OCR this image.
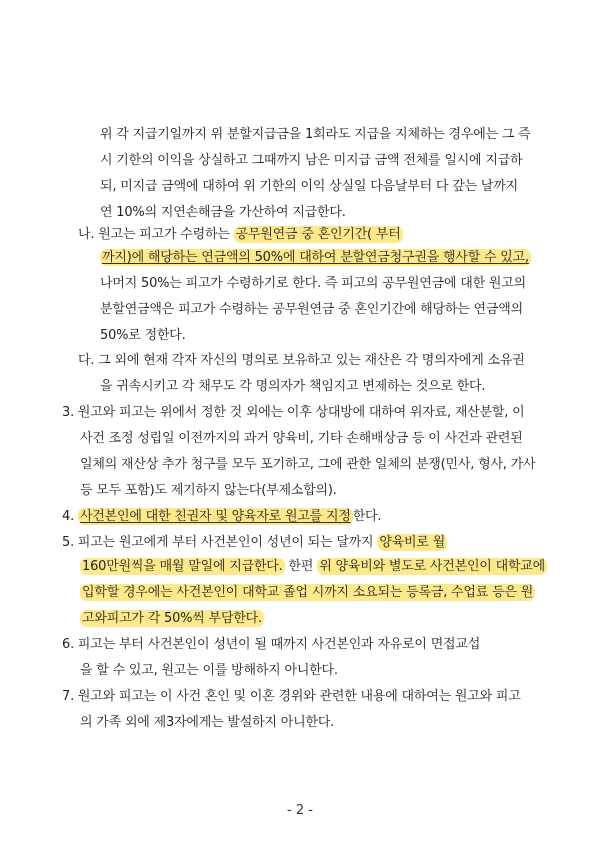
위 각 지급기일까지 위 분할지급금을 1회라도 지급을 지체하는 경우에는 그 즉
시 기한의 이익을 상실하고 그때까지 남은 미지급 금액 전체를 일시에 지급하
되, 미지급 금액에 대하여 위 기한의 이익 상실일 다음날부터 다 갚는 날까지
연 10%의 지연손해금을 가산하여 지급한다.
나. 원고는 피고가 수령하는 공무원연금 중 혼인기간( 부터
까지)에 해당하는 연금액의 50%에 대하여 분할연금청구권을 행사할 수 있고,
나머지 50%는 피고가 수령하기로 한다. 즉 피고의 공무원연금에 대한 원고의
분할연금액은 피고가 수령하는 공무원연금 중 혼인기간에 해당하는 연금액의
50%로 정한다.
다. 그 외에 현재 각자 자신의 명의로 보유하고 있는 재산은 각 명의자에게 소유권
을 귀속시키고 각 채무도 각 명의자가 책임지고 변제하는 것으로 한다.
3. 원고와 피고는 위에서 정한 것 외에는 이후 상대방에 대하여 위자료, 재산분할, 이
사건 조정 성립일 이전까지의 과거 양육비, 기타 손해배상금 등 이 사건과 관련된
일체의 재산상 추가 청구를 모두 포기하고, 그에 관한 일체의 분쟁(민사, 형사, 가사
등 모두 포함)도 제기하지 않는다(부제소합의).
4. 사건본인에 대한 친권자 및 양육자로 원고를 지정 한다.
5. 피고는 원고에게 부터 사건본인이 성년이 되는 달까지 양육비로 월
160만원씩을 매월 말일에 지급한다. 한편 위 양육비와 별도로 사건본인이 대학교에
입학할 경우에는 사건본인이 대학교 졸업 시까지 소요되는 등록금, 수업료 등은 원
고와피고가 각 50%씩 부담한다.
6. 피고는 부터 사건본인이 성년이 될 때까지 사건본인과 자유로이 면접교섭
을 할 수 있고, 원고는 이를 방해하지 아니한다.
7. 원고와 피고는 이 사건 혼인 및 이혼 경위와 관련한 내용에 대하여는 원고와 피고
의 가족 외에 제3자에게는 발설하지 아니한다.
- 2 -
